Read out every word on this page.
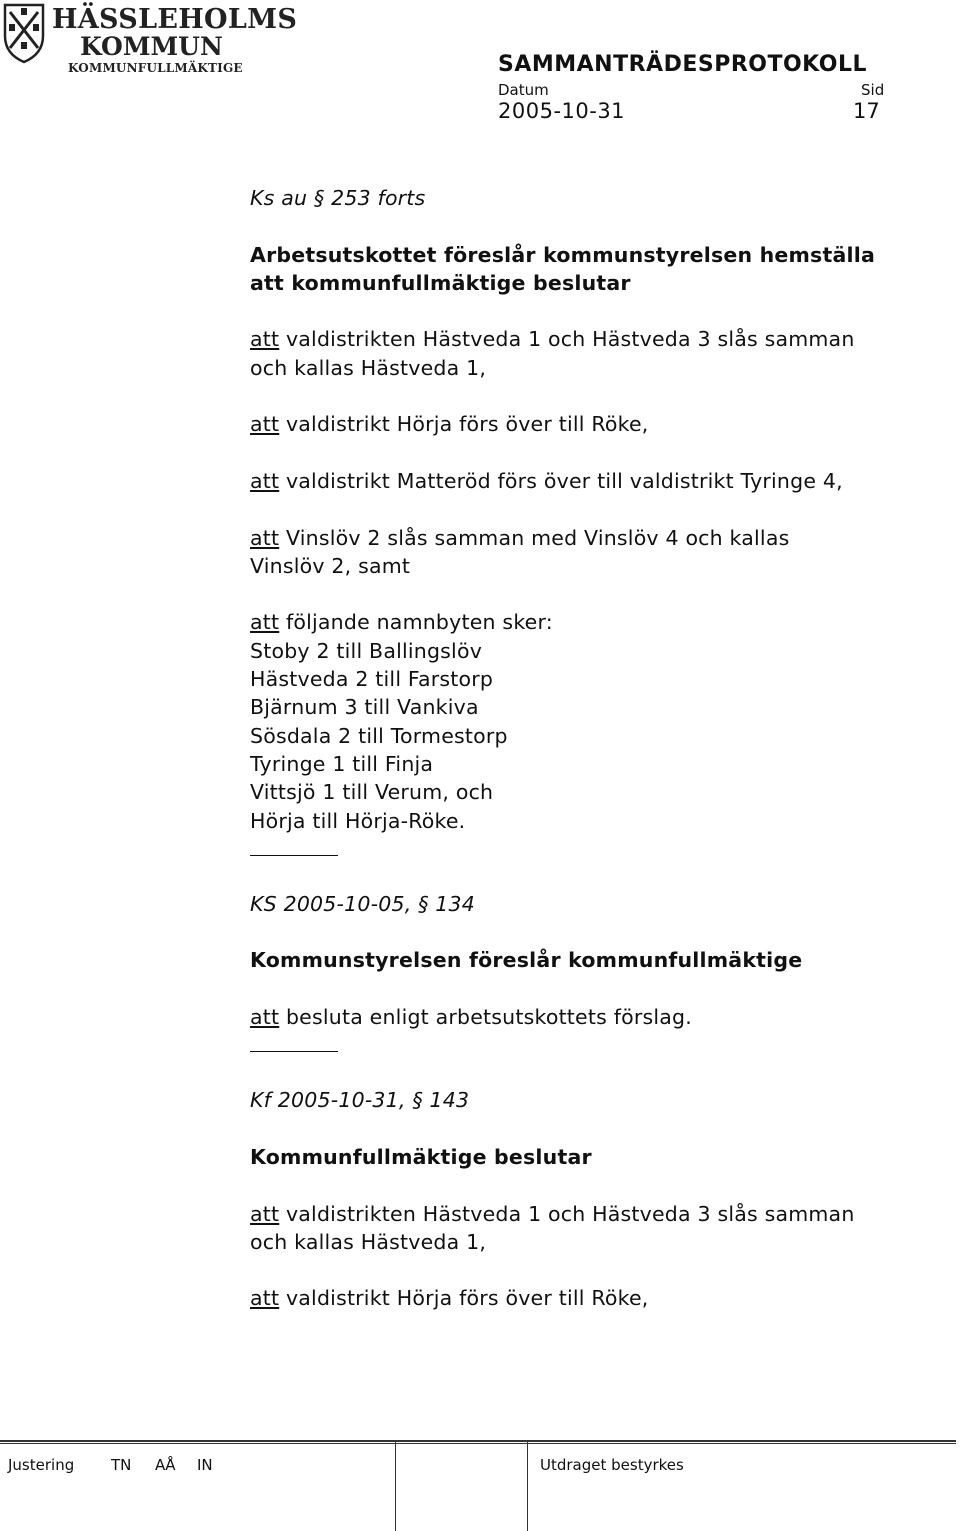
HÄSSLEHOLMS
KOMMUN
KOMMUNFULLMÄKTIGE	SAMMANTRÄDESPROTOKOLL
Datum	Sid
2005-10-31	17

Ks au § 253 forts

Arbetsutskottet föreslår kommunstyrelsen hemställa
att kommunfullmäktige beslutar

att valdistrikten Hästveda 1 och Hästveda 3 slås samman
och kallas Hästveda 1,

att valdistrikt Hörja förs över till Röke,

att valdistrikt Matteröd förs över till valdistrikt Tyringe 4,

att Vinslöv 2 slås samman med Vinslöv 4 och kallas
Vinslöv 2, samt

att följande namnbyten sker:
Stoby 2 till Ballingslöv
Hästveda 2 till Farstorp
Bjärnum 3 till Vankiva
Sösdala 2 till Tormestorp
Tyringe 1 till Finja
Vittsjö 1 till Verum, och
Hörja till Hörja-Röke.

KS 2005-10-05, § 134

Kommunstyrelsen föreslår kommunfullmäktige

att besluta enligt arbetsutskottets förslag.

Kf 2005-10-31, § 143

Kommunfullmäktige beslutar

att valdistrikten Hästveda 1 och Hästveda 3 slås samman
och kallas Hästveda 1,

att valdistrikt Hörja förs över till Röke,

Justering TN AÅ IN	Utdraget bestyrkes
